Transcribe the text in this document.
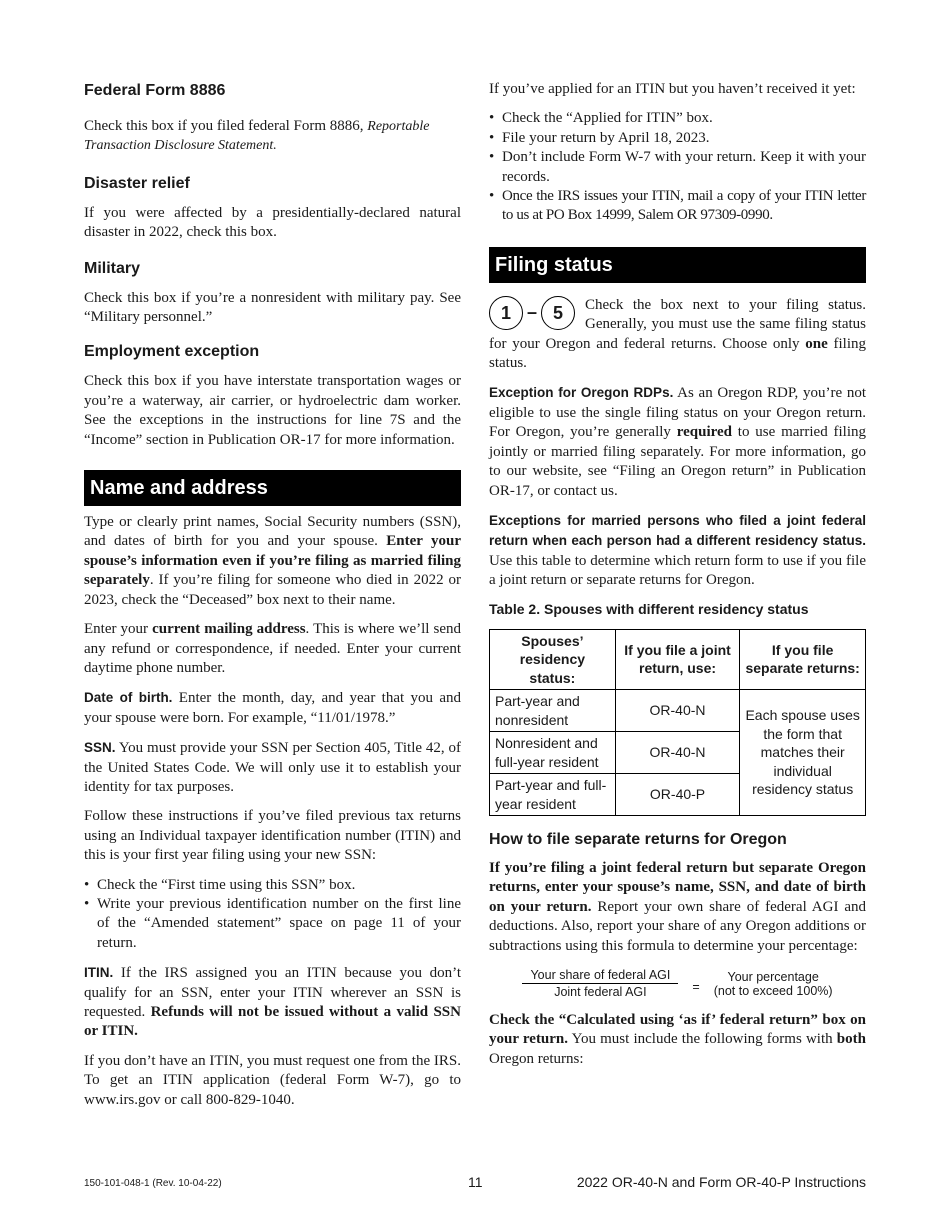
Federal Form 8886

Check this box if you filed federal Form 8886, Reportable Transaction Disclosure Statement.

Disaster relief

If you were affected by a presidentially-declared natural disaster in 2022, check this box.

Military

Check this box if you’re a nonresident with military pay. See “Military personnel.”

Employment exception

Check this box if you have interstate transportation wages or you’re a waterway, air carrier, or hydroelectric dam worker. See the exceptions in the instructions for line 7S and the “Income” section in Publication OR-17 for more information.

Name and address

Type or clearly print names, Social Security numbers (SSN), and dates of birth for you and your spouse. Enter your spouse’s information even if you’re filing as married filing separately. If you’re filing for someone who died in 2022 or 2023, check the “Deceased” box next to their name.

Enter your current mailing address. This is where we’ll send any refund or correspondence, if needed. Enter your current daytime phone number.

Date of birth. Enter the month, day, and year that you and your spouse were born. For example, “11/01/1978.”

SSN. You must provide your SSN per Section 405, Title 42, of the United States Code. We will only use it to establish your identity for tax purposes.

Follow these instructions if you’ve filed previous tax returns using an Individual taxpayer identification number (ITIN) and this is your first year filing using your new SSN:

• Check the “First time using this SSN” box.
• Write your previous identification number on the first line of the “Amended statement” space on page 11 of your return.

ITIN. If the IRS assigned you an ITIN because you don’t qualify for an SSN, enter your ITIN wherever an SSN is requested. Refunds will not be issued without a valid SSN or ITIN.

If you don’t have an ITIN, you must request one from the IRS. To get an ITIN application (federal Form W-7), go to www.irs.gov or call 800-829-1040.

If you’ve applied for an ITIN but you haven’t received it yet:

• Check the “Applied for ITIN” box.
• File your return by April 18, 2023.
• Don’t include Form W-7 with your return. Keep it with your records.
• Once the IRS issues your ITIN, mail a copy of your ITIN letter to us at PO Box 14999, Salem OR 97309-0990.
Filing status
1 – 5	Check the box next to your filing status. Generally, you must use the same filing status for your Oregon and federal returns. Choose only one filing status.

Exception for Oregon RDPs. As an Oregon RDP, you’re not eligible to use the single filing status on your Oregon return. For Oregon, you’re generally required to use married filing jointly or married filing separately. For more information, go to our website, see “Filing an Oregon return” in Publication OR-17, or contact us.

Exceptions for married persons who filed a joint federal return when each person had a different residency status. Use this table to determine which return form to use if you file a joint return or separate returns for Oregon.

Table 2. Spouses with different residency status
Spouses’ residency status:	If you file a joint return, use:	If you file separate returns:
Part-year and nonresident	OR-40-N	Each spouse uses the form that matches their individual residency status
Nonresident and full-year resident	OR-40-N	
Part-year and full-year resident	OR-40-P	
How to file separate returns for Oregon

If you’re filing a joint federal return but separate Oregon returns, enter your spouse’s name, SSN, and date of birth on your return. Report your own share of federal AGI and deductions. Also, report your share of any Oregon additions or subtractions using this formula to determine your percentage:

$\frac{\text{Your share of federal AGI}}{\text{Joint federal AGI}}$ =
Your percentage
(not to exceed 100%)

Check the “Calculated using ‘as if’ federal return” box on your return. You must include the following forms with both Oregon returns:

150-101-048-1 (Rev. 10-04-22)	11	2022 OR-40-N and Form OR-40-P Instructions
